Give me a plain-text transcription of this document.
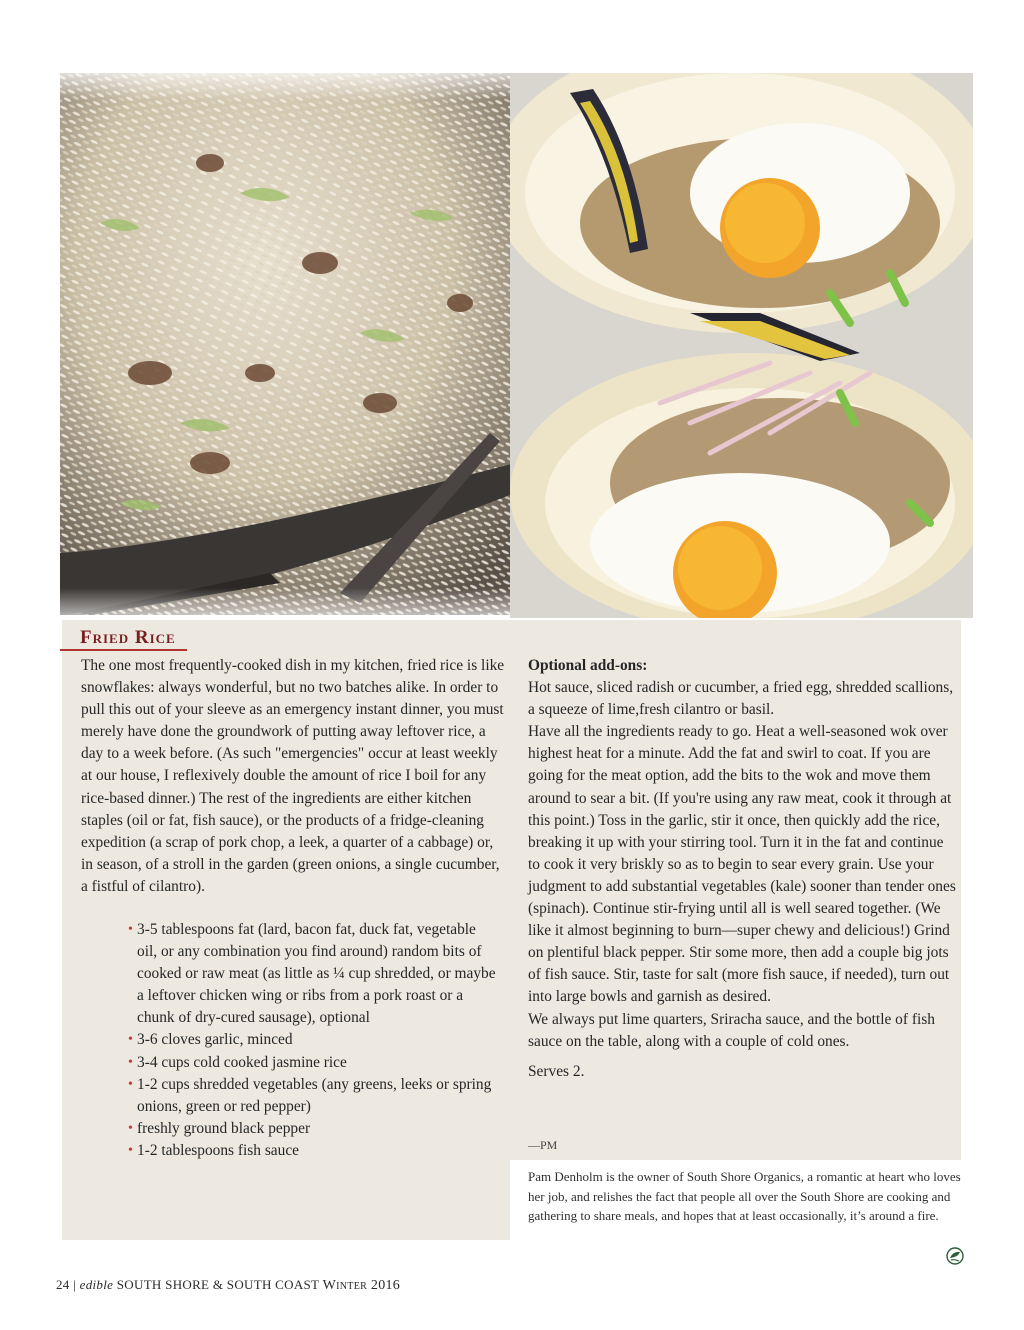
Fried Rice
The one most frequently-cooked dish in my kitchen, fried rice is like snowflakes: always wonderful, but no two batches alike. In order to pull this out of your sleeve as an emergency instant dinner, you must merely have done the groundwork of putting away leftover rice, a day to a week before. (As such "emergencies" occur at least weekly at our house, I reflexively double the amount of rice I boil for any rice-based dinner.) The rest of the ingredients are either kitchen staples (oil or fat, fish sauce), or the products of a fridge-cleaning expedition (a scrap of pork chop, a leek, a quarter of a cabbage) or, in season, of a stroll in the garden (green onions, a single cucumber, a fistful of cilantro).
• 3-5 tablespoons fat (lard, bacon fat, duck fat, vegetable oil, or any combination you find around) random bits of cooked or raw meat (as little as ¼ cup shredded, or maybe a leftover chicken wing or ribs from a pork roast or a chunk of dry-cured sausage), optional
• 3-6 cloves garlic, minced
• 3-4 cups cold cooked jasmine rice
• 1-2 cups shredded vegetables (any greens, leeks or spring onions, green or red pepper)
• freshly ground black pepper
• 1-2 tablespoons fish sauce
Optional add-ons:
Hot sauce, sliced radish or cucumber, a fried egg, shredded scallions, a squeeze of lime,fresh cilantro or basil.
Have all the ingredients ready to go. Heat a well-seasoned wok over highest heat for a minute. Add the fat and swirl to coat. If you are going for the meat option, add the bits to the wok and move them around to sear a bit. (If you're using any raw meat, cook it through at this point.) Toss in the garlic, stir it once, then quickly add the rice, breaking it up with your stirring tool. Turn it in the fat and continue to cook it very briskly so as to begin to sear every grain. Use your judgment to add substantial vegetables (kale) sooner than tender ones (spinach). Continue stir-frying until all is well seared together. (We like it almost beginning to burn—super chewy and delicious!) Grind on plentiful black pepper. Stir some more, then add a couple big jots of fish sauce. Stir, taste for salt (more fish sauce, if needed), turn out into large bowls and garnish as desired.
We always put lime quarters, Sriracha sauce, and the bottle of fish sauce on the table, along with a couple of cold ones.
Serves 2.
—PM
Pam Denholm is the owner of South Shore Organics, a romantic at heart who loves her job, and relishes the fact that people all over the South Shore are cooking and gathering to share meals, and hopes that at least occasionally, it’s around a fire.
24 | edible SOUTH SHORE & SOUTH COAST Winter 2016
